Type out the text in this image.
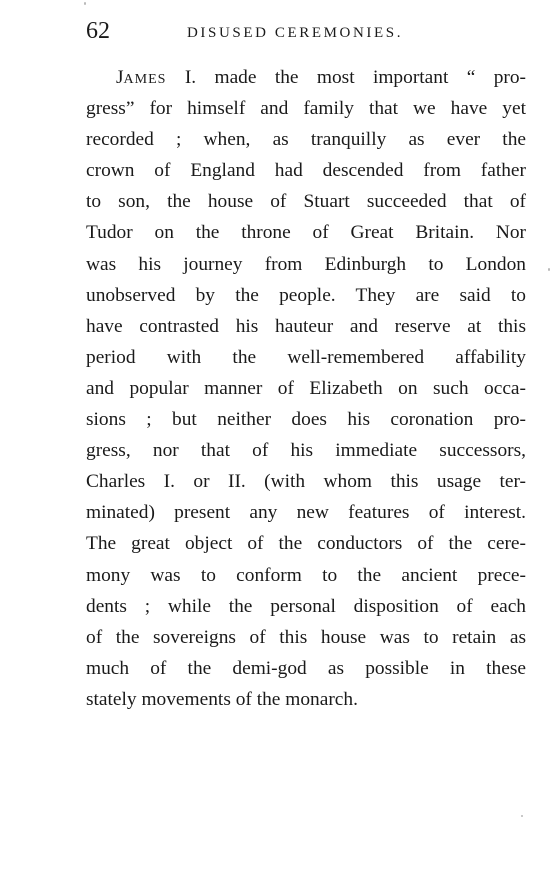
62	DISUSED CEREMONIES.
James I. made the most important “ pro-
gress” for himself and family that we have yet
recorded ; when, as tranquilly as ever the
crown of England had descended from father
to son, the house of Stuart succeeded that of
Tudor on the throne of Great Britain. Nor
was his journey from Edinburgh to London
unobserved by the people. They are said to
have contrasted his hauteur and reserve at this
period with the well-remembered affability
and popular manner of Elizabeth on such occa-
sions ; but neither does his coronation pro-
gress, nor that of his immediate successors,
Charles I. or II. (with whom this usage ter-
minated) present any new features of interest.
The great object of the conductors of the cere-
mony was to conform to the ancient prece-
dents ; while the personal disposition of each
of the sovereigns of this house was to retain as
much of the demi-god as possible in these
stately movements of the monarch.
